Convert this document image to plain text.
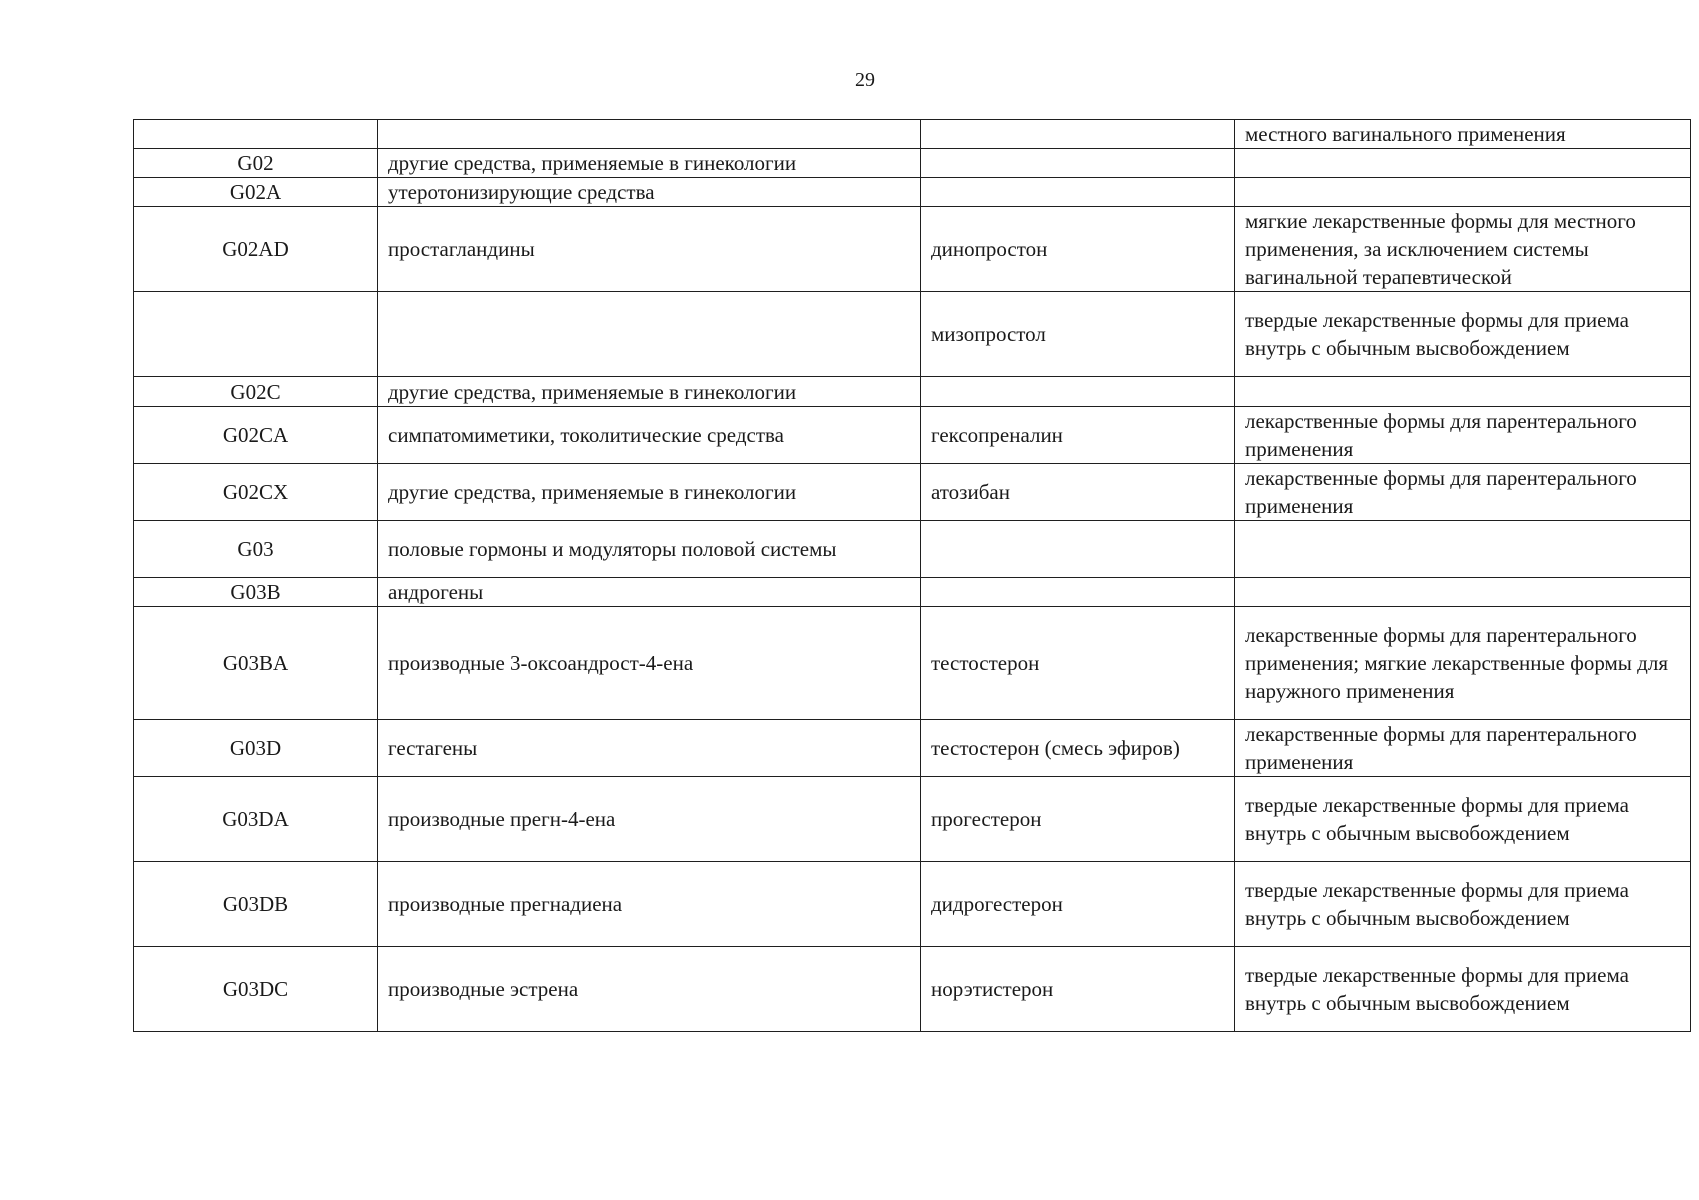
29
			местного вагинального применения
G02	другие средства, применяемые в гинекологии		
G02A	утеротонизирующие средства		
G02AD	простагландины	динопростон	мягкие лекарственные формы для местного применения, за исключением системы вагинальной терапевтической
		мизопростол	твердые лекарственные формы для приема внутрь с обычным высвобождением
G02C	другие средства, применяемые в гинекологии		
G02CA	симпатомиметики, токолитические средства	гексопреналин	лекарственные формы для парентерального применения
G02CX	другие средства, применяемые в гинекологии	атозибан	лекарственные формы для парентерального применения
G03	половые гормоны и модуляторы половой системы		
G03B	андрогены		
G03BA	производные 3-оксоандрост-4-ена	тестостерон	лекарственные формы для парентерального применения; мягкие лекарственные формы для наружного применения
G03D	гестагены	тестостерон (смесь эфиров)	лекарственные формы для парентерального применения
G03DA	производные прегн-4-ена	прогестерон	твердые лекарственные формы для приема внутрь с обычным высвобождением
G03DB	производные прегнадиена	дидрогестерон	твердые лекарственные формы для приема внутрь с обычным высвобождением
G03DC	производные эстрена	норэтистерон	твердые лекарственные формы для приема внутрь с обычным высвобождением
